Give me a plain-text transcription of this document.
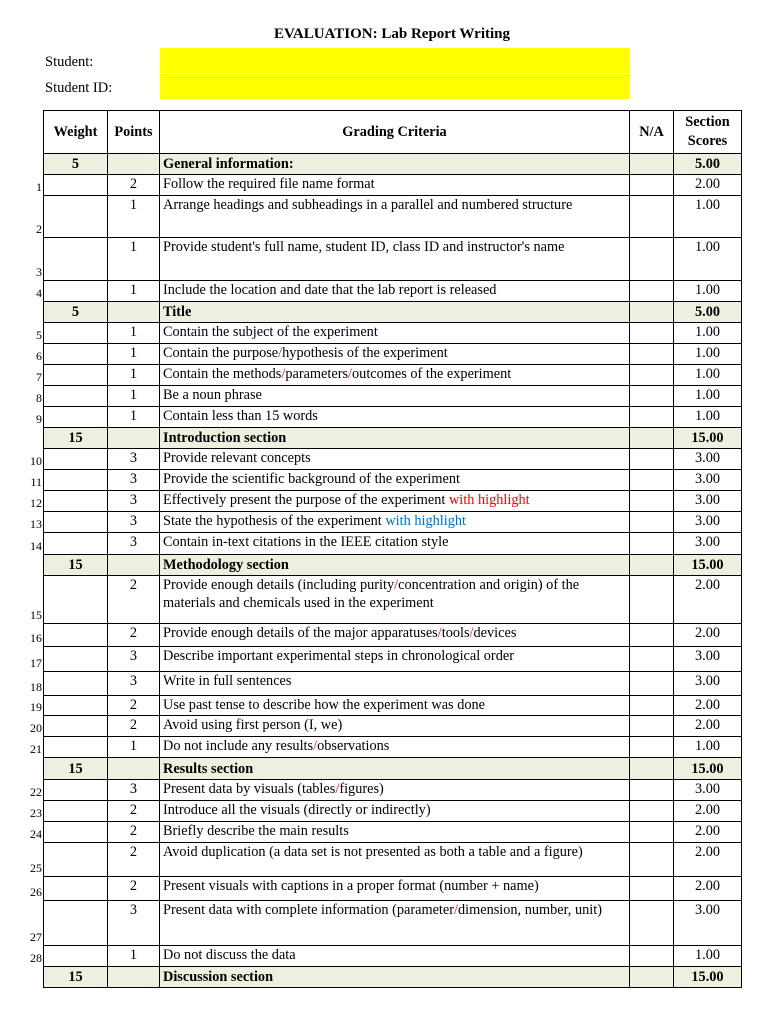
EVALUATION: Lab Report Writing
Student:
Student ID:
Weight	Points	Grading Criteria	N/A	Section Scores
5		General information:		5.00
	2	Follow the required file name format		2.00
	1	Arrange headings and subheadings in a parallel and numbered structure		1.00
	1	Provide student's full name, student ID, class ID and instructor's name		1.00
	1	Include the location and date that the lab report is released		1.00
5		Title		5.00
	1	Contain the subject of the experiment		1.00
	1	Contain the purpose/hypothesis of the experiment		1.00
	1	Contain the methods/parameters/outcomes of the experiment		1.00
	1	Be a noun phrase		1.00
	1	Contain less than 15 words		1.00
15		Introduction section		15.00
	3	Provide relevant concepts		3.00
	3	Provide the scientific background of the experiment		3.00
	3	Effectively present the purpose of the experiment with highlight		3.00
	3	State the hypothesis of the experiment with highlight		3.00
	3	Contain in-text citations in the IEEE citation style		3.00
15		Methodology section		15.00
	2	Provide enough details (including purity/concentration and origin) of the materials and chemicals used in the experiment		2.00
	2	Provide enough details of the major apparatuses/tools/devices		2.00
	3	Describe important experimental steps in chronological order		3.00
	3	Write in full sentences		3.00
	2	Use past tense to describe how the experiment was done		2.00
	2	Avoid using first person (I, we)		2.00
	1	Do not include any results/observations		1.00
15		Results section		15.00
	3	Present data by visuals (tables/figures)		3.00
	2	Introduce all the visuals (directly or indirectly)		2.00
	2	Briefly describe the main results		2.00
	2	Avoid duplication (a data set is not presented as both a table and a figure)		2.00
	2	Present visuals with captions in a proper format (number + name)		2.00
	3	Present data with complete information (parameter/dimension, number, unit)		3.00
	1	Do not discuss the data		1.00
15		Discussion section		15.00
1
2
3
4
5
6
7
8
9
10
11
12
13
14
15
16
17
18
19
20
21
22
23
24
25
26
27
28
